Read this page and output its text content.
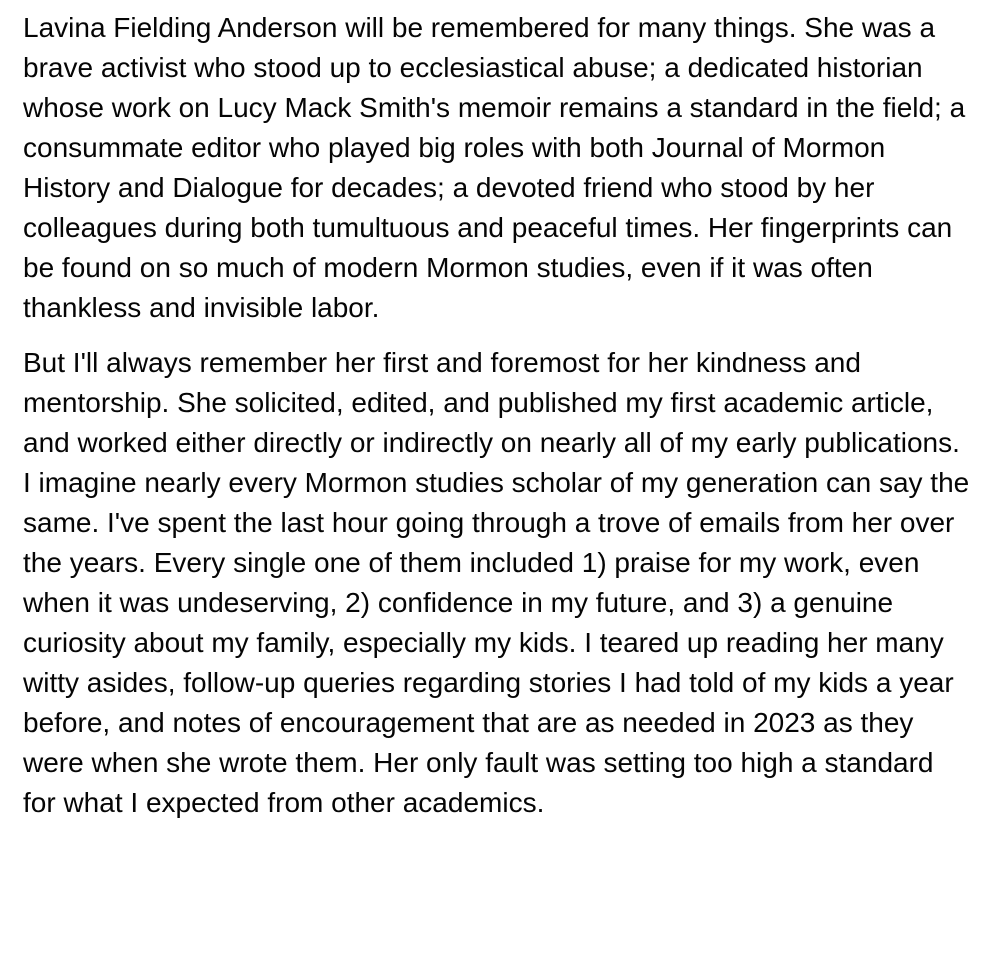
Lavina Fielding Anderson will be remembered for many things. She was a brave activist who stood up to ecclesiastical abuse; a dedicated historian whose work on Lucy Mack Smith's memoir remains a standard in the field; a consummate editor who played big roles with both Journal of Mormon History and Dialogue for decades; a devoted friend who stood by her colleagues during both tumultuous and peaceful times. Her fingerprints can be found on so much of modern Mormon studies, even if it was often thankless and invisible labor.

But I'll always remember her first and foremost for her kindness and mentorship. She solicited, edited, and published my first academic article, and worked either directly or indirectly on nearly all of my early publications. I imagine nearly every Mormon studies scholar of my generation can say the same. I've spent the last hour going through a trove of emails from her over the years. Every single one of them included 1) praise for my work, even when it was undeserving, 2) confidence in my future, and 3) a genuine curiosity about my family, especially my kids. I teared up reading her many witty asides, follow-up queries regarding stories I had told of my kids a year before, and notes of encouragement that are as needed in 2023 as they were when she wrote them. Her only fault was setting too high a standard for what I expected from other academics.
